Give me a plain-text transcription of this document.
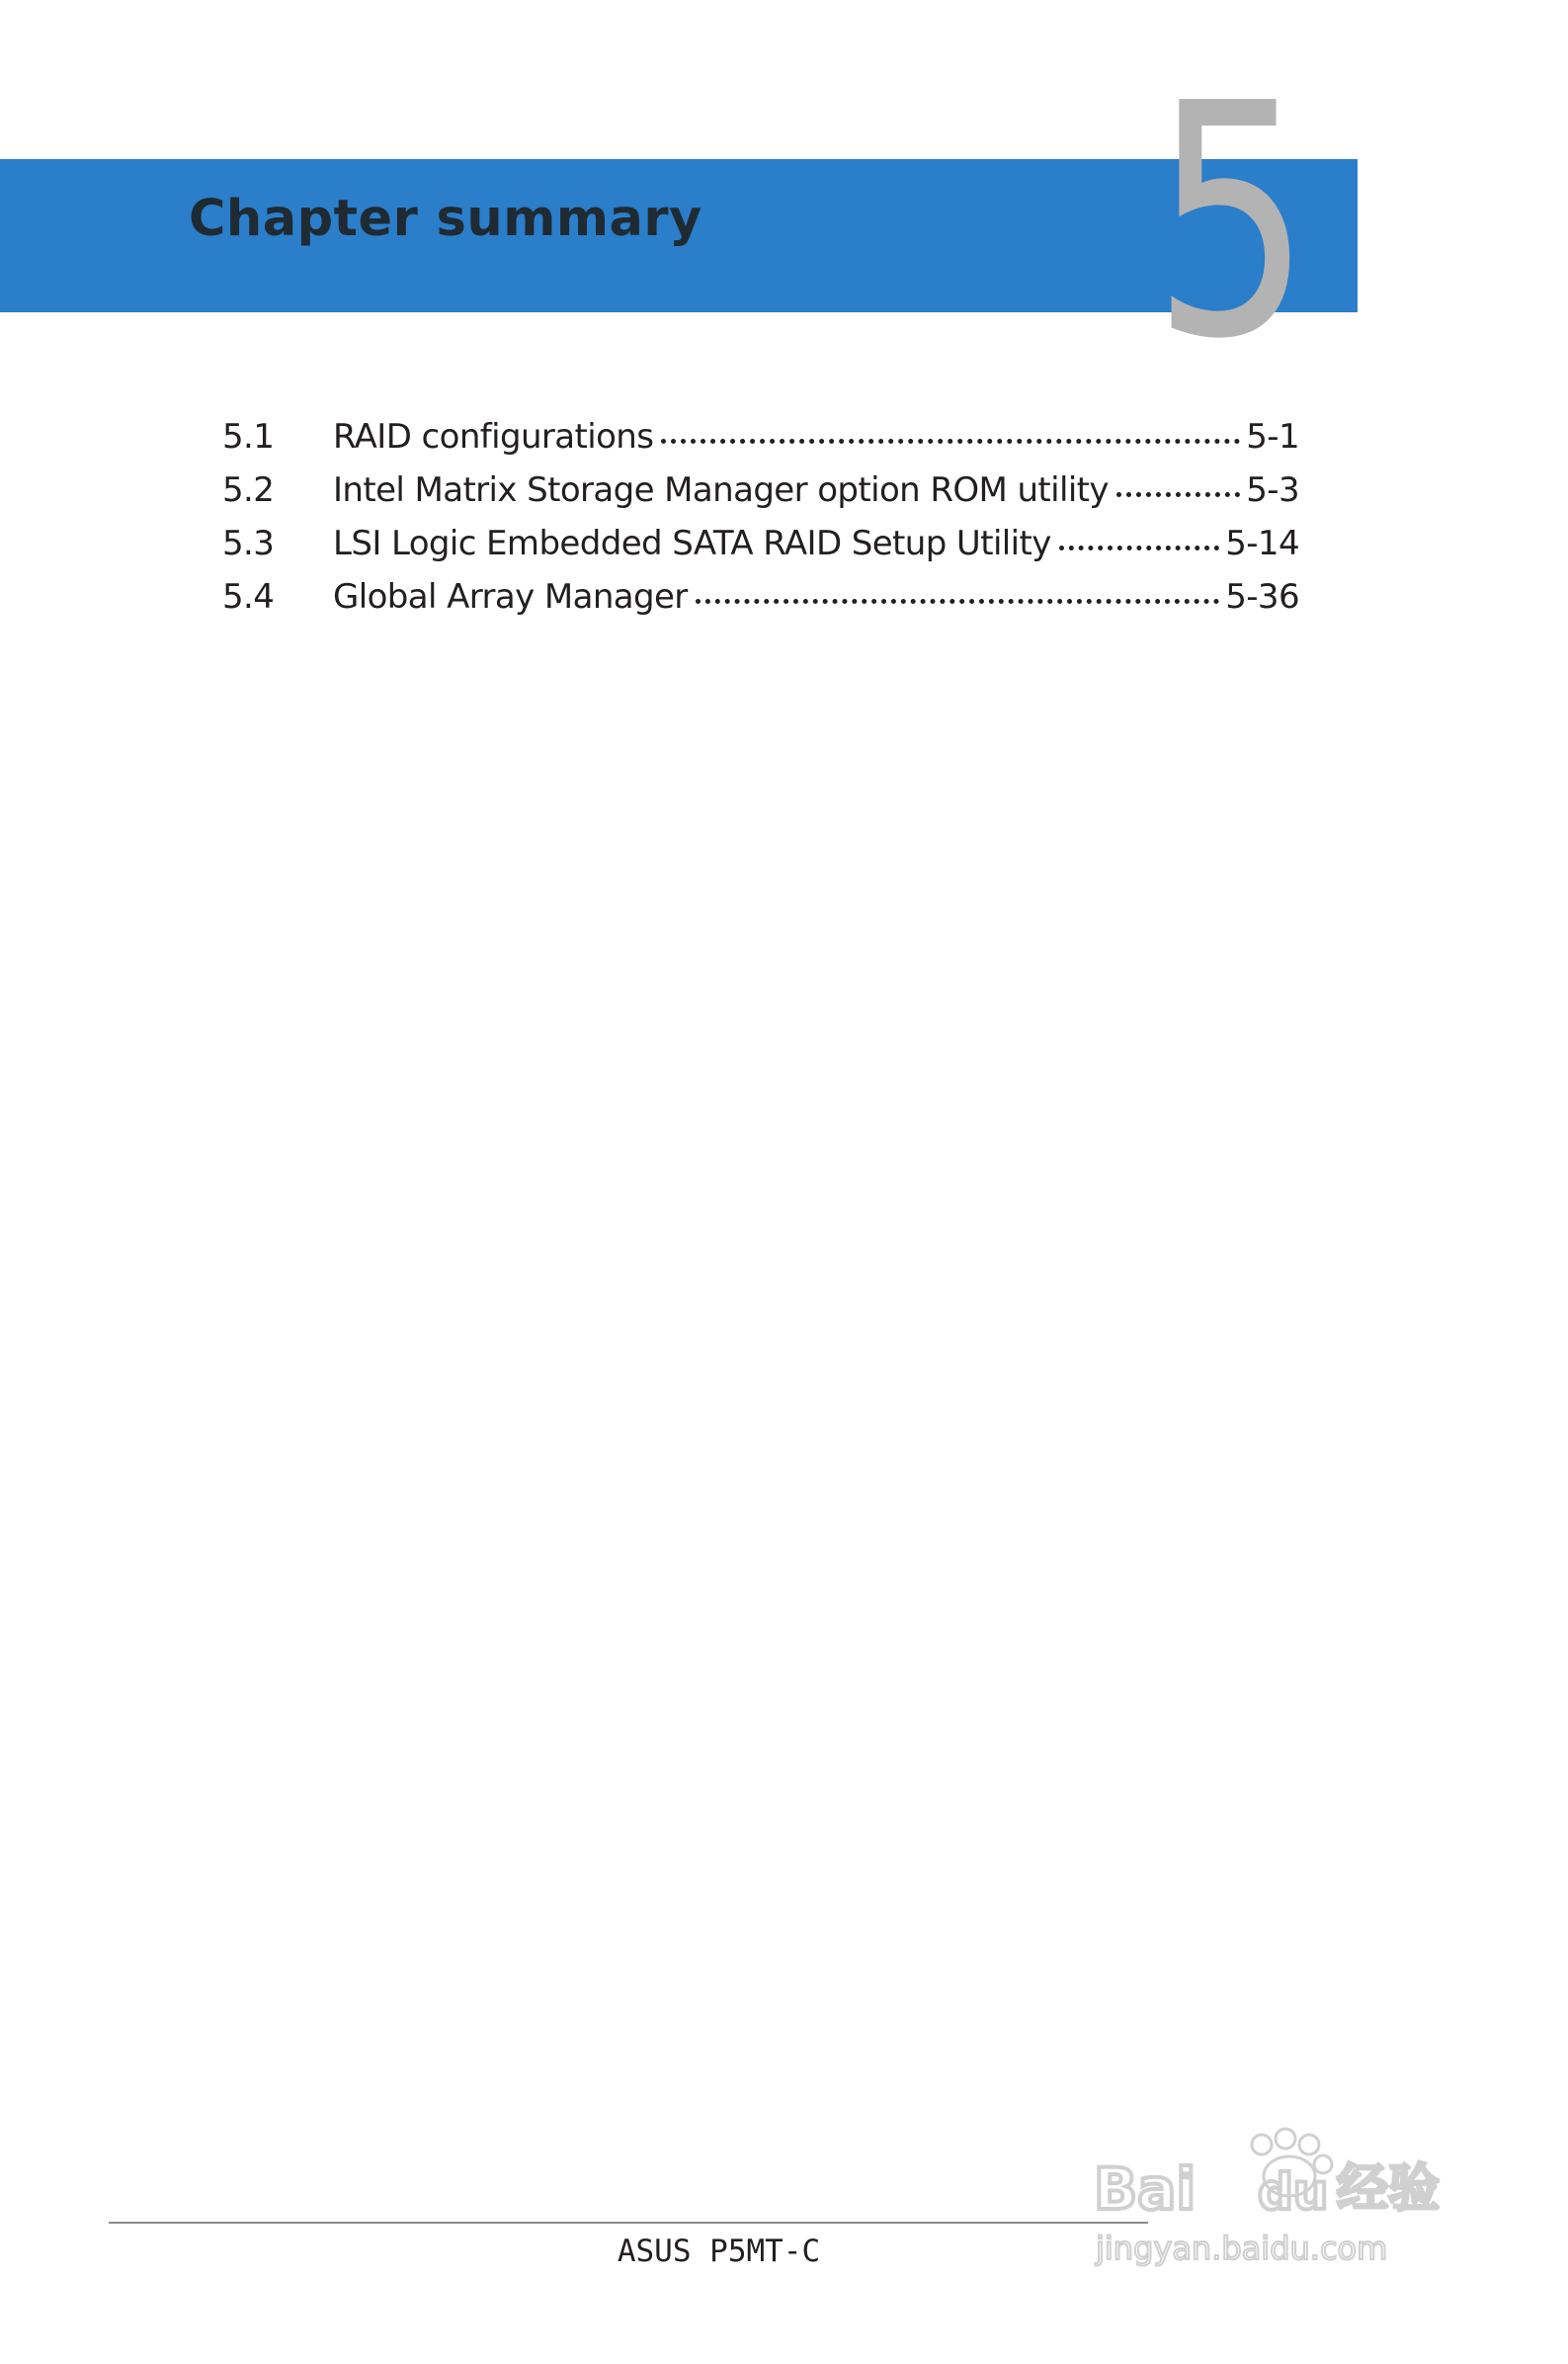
5
Chapter summary
5.1	RAID configurations	5-1
5.2	Intel Matrix Storage Manager option ROM utility	5-3
5.3	LSI Logic Embedded SATA RAID Setup Utility	5-14
5.4	Global Array Manager	5-36
ASUS P5MT-C
Bai du 经验
jingyan.baidu.com
